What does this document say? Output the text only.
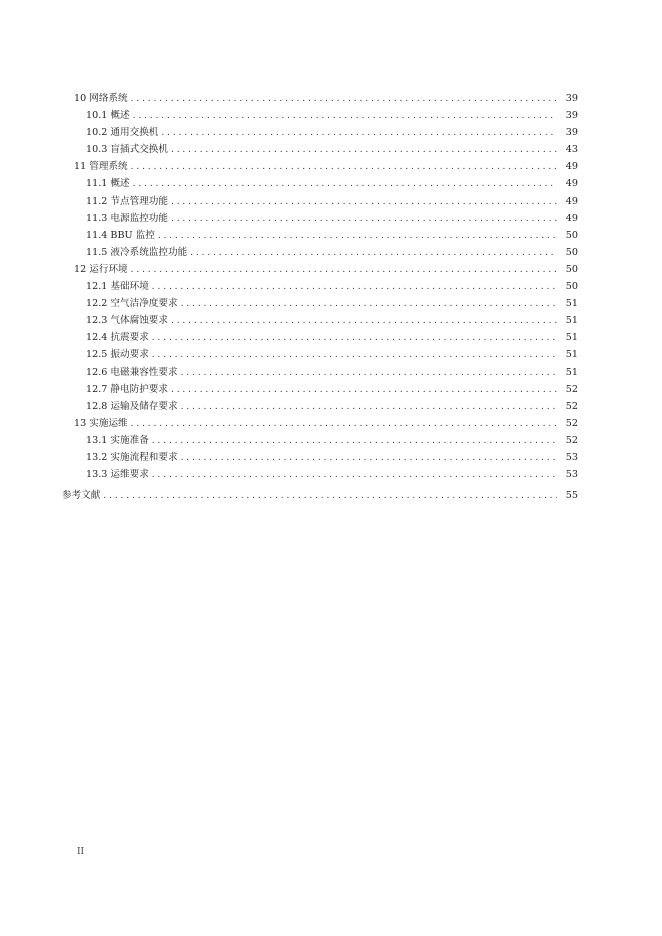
10 网络系统 . . .	39
10.1 概述 . . .	39
10.2 通用交换机 . . .	39
10.3 盲插式交换机 . . .	43
11 管理系统 . . .	49
11.1 概述 . . .	49
11.2 节点管理功能 . . .	49
11.3 电源监控功能 . . .	49
11.4 BBU 监控 . . .	50
11.5 液冷系统监控功能 . . .	50
12 运行环境 . . .	50
12.1 基础环境 . . .	50
12.2 空气洁净度要求 . . .	51
12.3 气体腐蚀要求 . . .	51
12.4 抗震要求 . . .	51
12.5 振动要求 . . .	51
12.6 电磁兼容性要求 . . .	51
12.7 静电防护要求 . . .	52
12.8 运输及储存要求 . . .	52
13 实施运维 . . .	52
13.1 实施准备 . . .	52
13.2 实施流程和要求 . . .	53
13.3 运维要求 . . .	53
参考文献 . . .	55
II
